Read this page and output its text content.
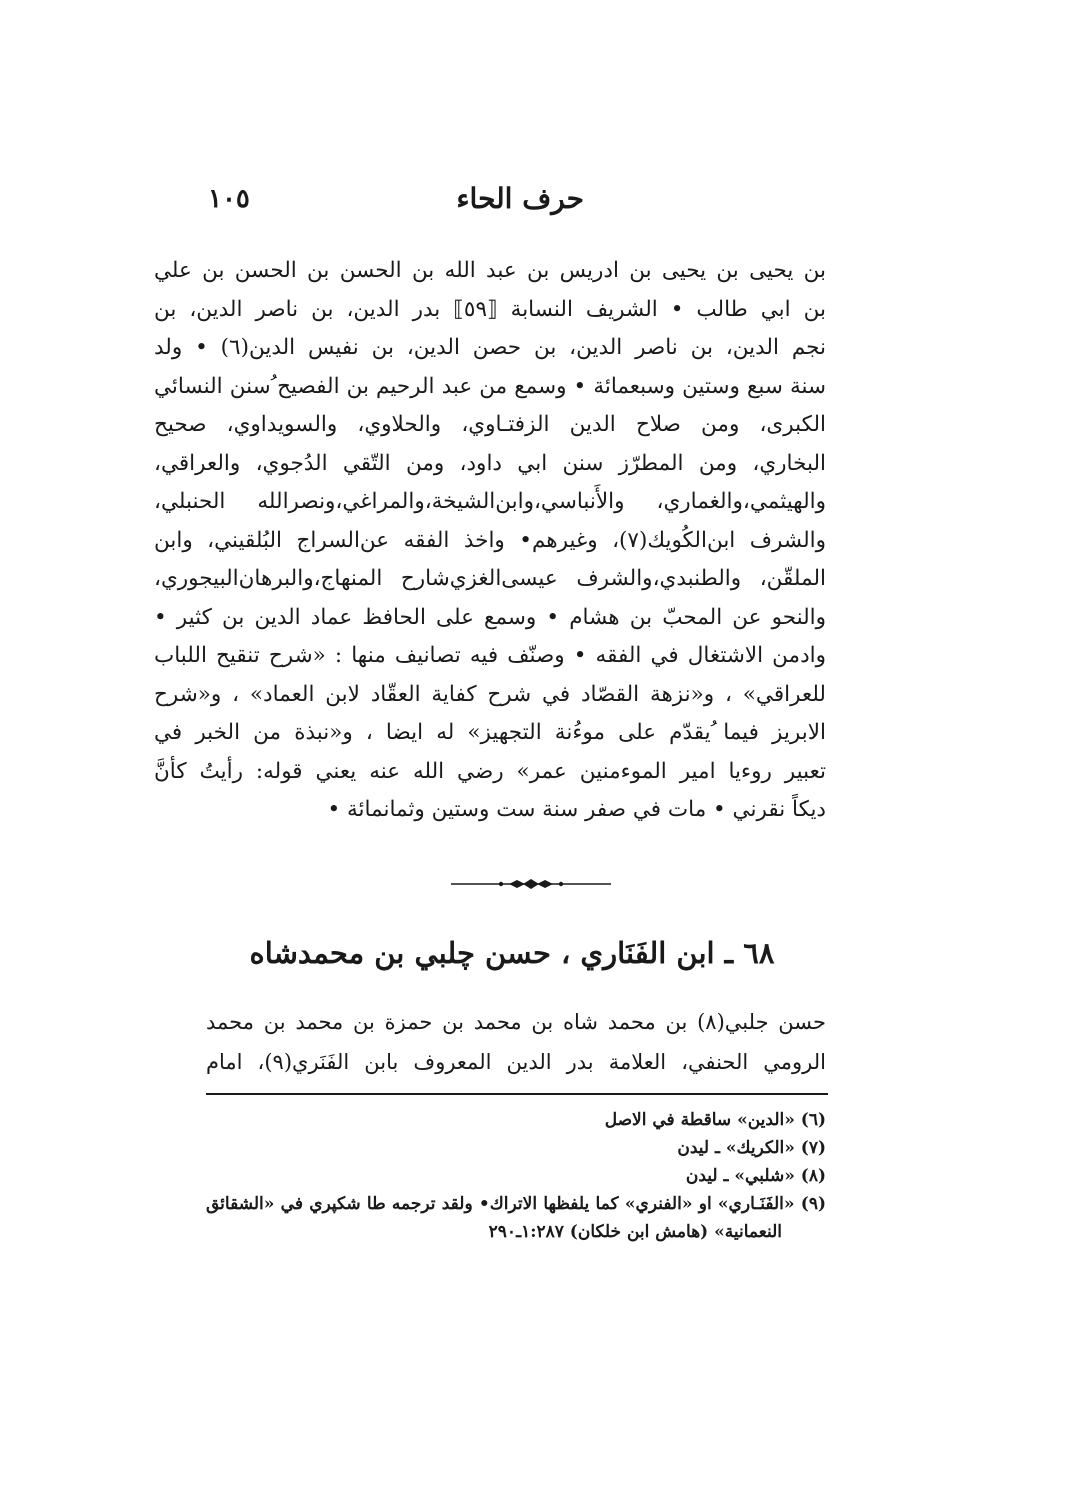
حرف الحاء
١٠٥
بن يحيى بن يحيى بن ادريس بن عبد الله بن الحسن بن الحسن بن علي
بن ابي طالب • الشريف النسابة ⟦٥٩⟧ بدر الدين، بن ناصر الدين، بن
نجم الدين، بن ناصر الدين، بن حصن الدين، بن نفيس الدين(٦) • ولد
سنة سبع وستين وسبعمائة • وسمع من عبد الرحيم بن الفصيح ُسنن النسائي
الكبرى، ومن صلاح الدين الزفتـاوي، والحلاوي، والسويداوي، صحيح
البخاري، ومن المطرّز سنن ابي داود، ومن التّقي الدُجوي، والعراقي،
والهيثمي،والغماري، والأَنباسي،وابن‌الشيخة،والمراغي،ونصرالله الحنبلي،
والشرف ابن‌الكُويك(٧)، وغيرهم• واخذ الفقه عن‌السراج البُلقيني، وابن
الملقّن، والطنبدي،والشرف عيسى‌الغزي‌شارح المنهاج،والبرهان‌البيجوري،
والنحو عن المحبّ بن هشام • وسمع على الحافظ عماد الدين بن كثير •
وادمن الاشتغال في الفقه • وصنّف فيه تصانيف منها : «شرح تنقيح اللباب
للعراقي» ، و«نزهة القصّاد في شرح كفاية العقّاد لابن العماد» ، و«شرح
الابريز فيما ُيقدّم على موءُنة التجهيز» له ايضا ، و«نبذة من الخبر في
تعبير روءيا امير الموءمنين عمر» رضي الله عنه يعني قوله: رأيتُ كأنَّ
ديكاً نقرني • مات في صفر سنة ست وستين وثمانمائة •
٦٨ ـ ابن الفَنَاري ، حسن چلبي بن محمدشاه
حسن جلبي(٨) بن محمد شاه بن محمد بن حمزة بن محمد بن محمد
الرومي الحنفي، العلامة بدر الدين المعروف بابن الفَنَري(٩)، امام
(٦) «الدين» ساقطة في الاصل
(٧) «الكريك» ـ ليدن
(٨) «شلبي» ـ ليدن
(٩) «الفَنَـاري» او «الفنري» كما يلفظها الاتراك• ولقد ترجمه طا شكپري في «الشقائق
النعمانية» (هامش ابن خلكان) ١:٢٨٧ـ٢٩٠
